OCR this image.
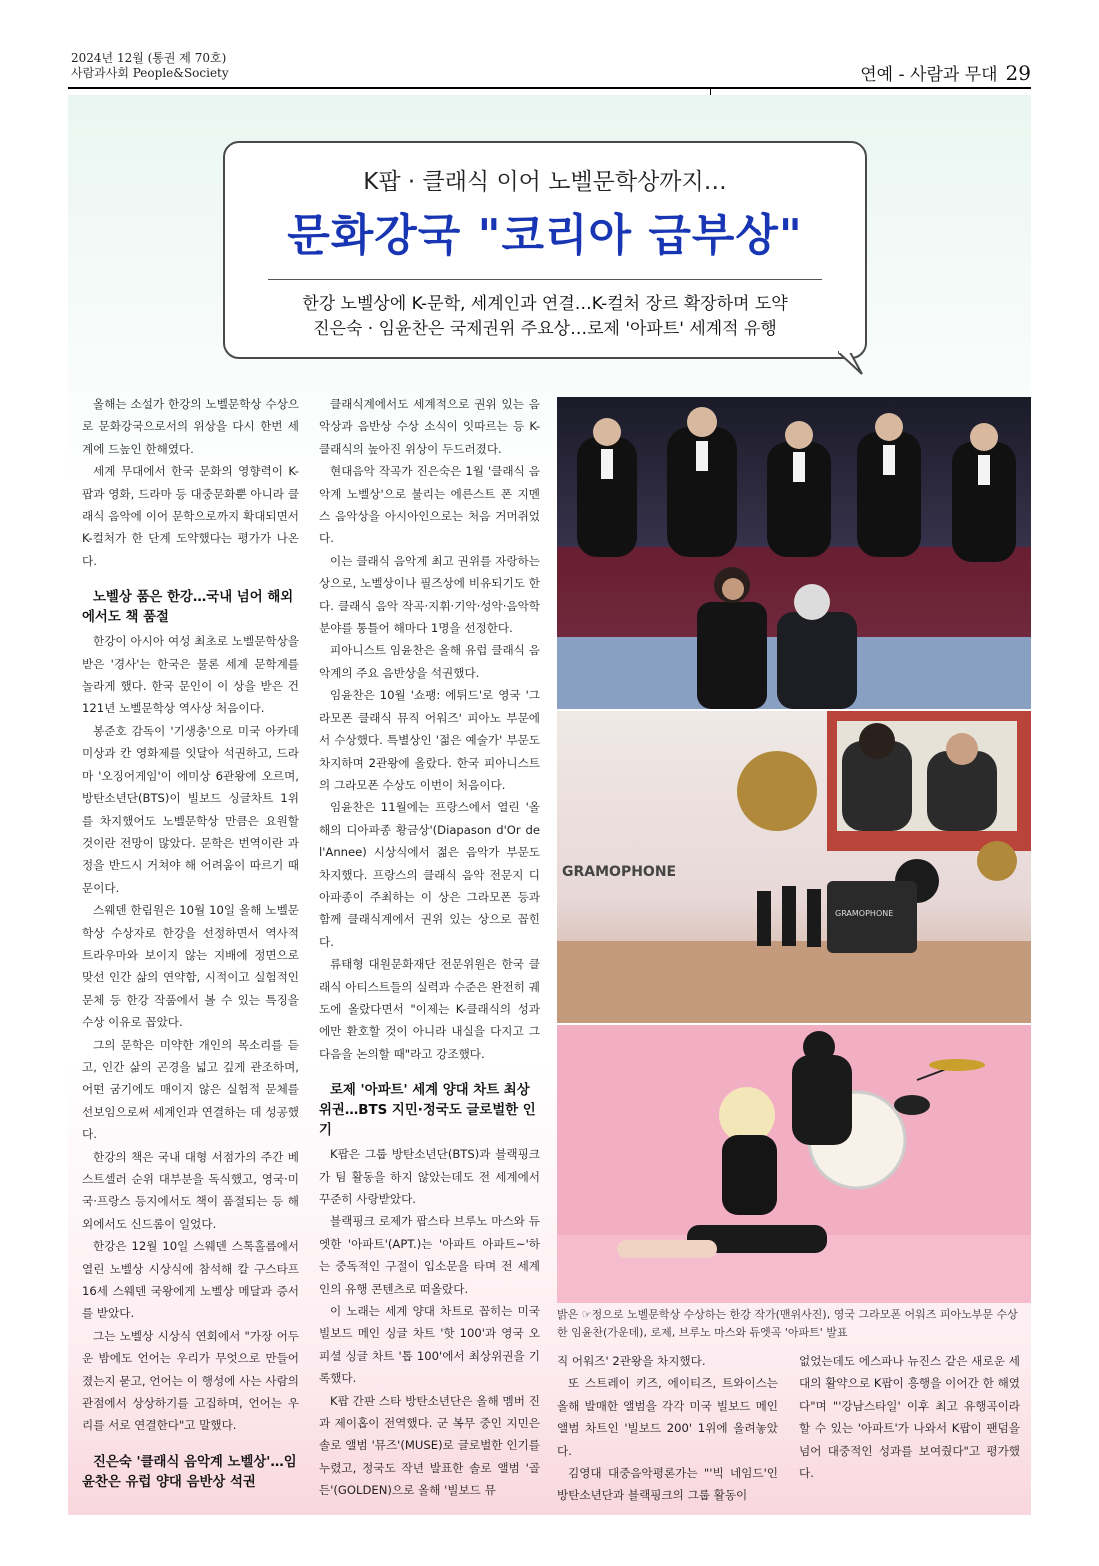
2024년 12월 (통권 제 70호)
사람과사회 People&Society	연예 - 사람과 무대 29
K팝 · 클래식 이어 노벨문학상까지…
문화강국 "코리아 급부상"
한강 노벨상에 K-문학, 세계인과 연결…K-컬처 장르 확장하며 도약
진은숙 · 임윤찬은 국제권위 주요상…로제 '아파트' 세계적 유행

올해는 소설가 한강의 노벨문학상 수상으로 문화강국으로서의 위상을 다시 한번 세계에 드높인 한해였다.

세계 무대에서 한국 문화의 영향력이 K-팝과 영화, 드라마 등 대중문화뿐 아니라 클래식 음악에 이어 문학으로까지 확대되면서 K-컬처가 한 단계 도약했다는 평가가 나온다.

노벨상 품은 한강…국내 넘어 해외에서도 책 품절

한강이 아시아 여성 최초로 노벨문학상을 받은 '경사'는 한국은 물론 세계 문학계를 놀라게 했다. 한국 문인이 이 상을 받은 건 121년 노벨문학상 역사상 처음이다.

봉준호 감독이 '기생충'으로 미국 아카데미상과 칸 영화제를 잇달아 석권하고, 드라마 '오징어게임'이 에미상 6관왕에 오르며, 방탄소년단(BTS)이 빌보드 싱글차트 1위를 차지했어도 노벨문학상 만큼은 요원할 것이란 전망이 많았다. 문학은 번역이란 과정을 반드시 거쳐야 해 어려움이 따르기 때문이다.

스웨덴 한림원은 10월 10일 올해 노벨문학상 수상자로 한강을 선정하면서 역사적 트라우마와 보이지 않는 지배에 정면으로 맞선 인간 삶의 연약함, 시적이고 실험적인 문체 등 한강 작품에서 볼 수 있는 특징을 수상 이유로 꼽았다.

그의 문학은 미약한 개인의 목소리를 듣고, 인간 삶의 곤경을 넓고 깊게 관조하며, 어떤 굼기에도 매이지 않은 실험적 문체를 선보임으로써 세계인과 연결하는 데 성공했다.

한강의 책은 국내 대형 서점가의 주간 베스트셀러 순위 대부분을 독식했고, 영국·미국·프랑스 등지에서도 책이 품절되는 등 해외에서도 신드롬이 일었다.

한강은 12월 10일 스웨덴 스톡홀름에서 열린 노벨상 시상식에 참석해 칼 구스타프 16세 스웨덴 국왕에게 노벨상 메달과 증서를 받았다.

그는 노벨상 시상식 연회에서 "가장 어두운 밤에도 언어는 우리가 무엇으로 만들어졌는지 묻고, 언어는 이 행성에 사는 사람의 관점에서 상상하기를 고집하며, 언어는 우리를 서로 연결한다"고 말했다.

진은숙 '클래식 음악계 노벨상'…임윤찬은 유럽 양대 음반상 석권

클래식계에서도 세계적으로 권위 있는 음악상과 음반상 수상 소식이 잇따르는 등 K-클래식의 높아진 위상이 두드러졌다.

현대음악 작곡가 진은숙은 1월 '클래식 음악계 노벨상'으로 불리는 에른스트 폰 지멘스 음악상을 아시아인으로는 처음 거머쥐었다.

이는 클래식 음악계 최고 권위를 자랑하는 상으로, 노벨상이나 필즈상에 비유되기도 한다. 클래식 음악 작곡·지휘·기악·성악·음악학 분야를 통틀어 해마다 1명을 선정한다.

피아니스트 임윤찬은 올해 유럽 클래식 음악계의 주요 음반상을 석권했다.

임윤찬은 10월 '쇼팽: 에튀드'로 영국 '그라모폰 클래식 뮤직 어워즈' 피아노 부문에서 수상했다. 특별상인 '젊은 예술가' 부문도 차지하며 2관왕에 올랐다. 한국 피아니스트의 그라모폰 수상도 이번이 처음이다.

임윤찬은 11월에는 프랑스에서 열린 '올해의 디아파종 황금상'(Diapason d'Or de l'Annee) 시상식에서 젊은 음악가 부문도 차지했다. 프랑스의 클래식 음악 전문지 디아파종이 주최하는 이 상은 그라모폰 등과 함께 클래식계에서 권위 있는 상으로 꼽힌다.

류태형 대원문화재단 전문위원은 한국 클래식 아티스트들의 실력과 수준은 완전히 궤도에 올랐다면서 "이제는 K-클래식의 성과에만 환호할 것이 아니라 내실을 다지고 그다음을 논의할 때"라고 강조했다.

로제 '아파트' 세계 양대 차트 최상위권…BTS 지민·정국도 글로벌한 인기

K팝은 그룹 방탄소년단(BTS)과 블랙핑크가 팀 활동을 하지 않았는데도 전 세계에서 꾸준히 사랑받았다.

블랙핑크 로제가 팝스타 브루노 마스와 듀엣한 '아파트'(APT.)는 '아파트 아파트~'하는 중독적인 구절이 입소문을 타며 전 세계인의 유행 콘텐츠로 떠올랐다.

이 노래는 세계 양대 차트로 꼽히는 미국 빌보드 메인 싱글 차트 '핫 100'과 영국 오피셜 싱글 차트 '톱 100'에서 최상위권을 기록했다.

K팝 간판 스타 방탄소년단은 올해 멤버 진과 제이홉이 전역했다. 군 복무 중인 지민은 솔로 앨범 '뮤즈'(MUSE)로 글로벌한 인기를 누렸고, 정국도 작년 발표한 솔로 앨범 '골든'(GOLDEN)으로 올해 '빌보드 뮤

GRAMOPHONE
GRAMOPHONE
밝은 ☞정으로 노벨문학상 수상하는 한강 작가(맨위사진), 영국 그라모폰 어워즈 피아노부문 수상한 임윤찬(가운데), 로제, 브루노 마스와 듀엣곡 '아파트' 발표

직 어워즈' 2관왕을 차지했다.

또 스트레이 키즈, 에이티즈, 트와이스는 올해 발매한 앨범을 각각 미국 빌보드 메인 앨범 차트인 '빌보드 200' 1위에 올려놓았다.

김영대 대중음악평론가는 "'빅 네임드'인 방탄소년단과 블랙핑크의 그룹 활동이

없었는데도 에스파나 뉴진스 같은 새로운 세대의 활약으로 K팝이 흥행을 이어간 한 해였다"며 "'강남스타일' 이후 최고 유행곡이라 할 수 있는 '아파트'가 나와서 K팝이 팬덤을 넘어 대중적인 성과를 보여줬다"고 평가했다.
